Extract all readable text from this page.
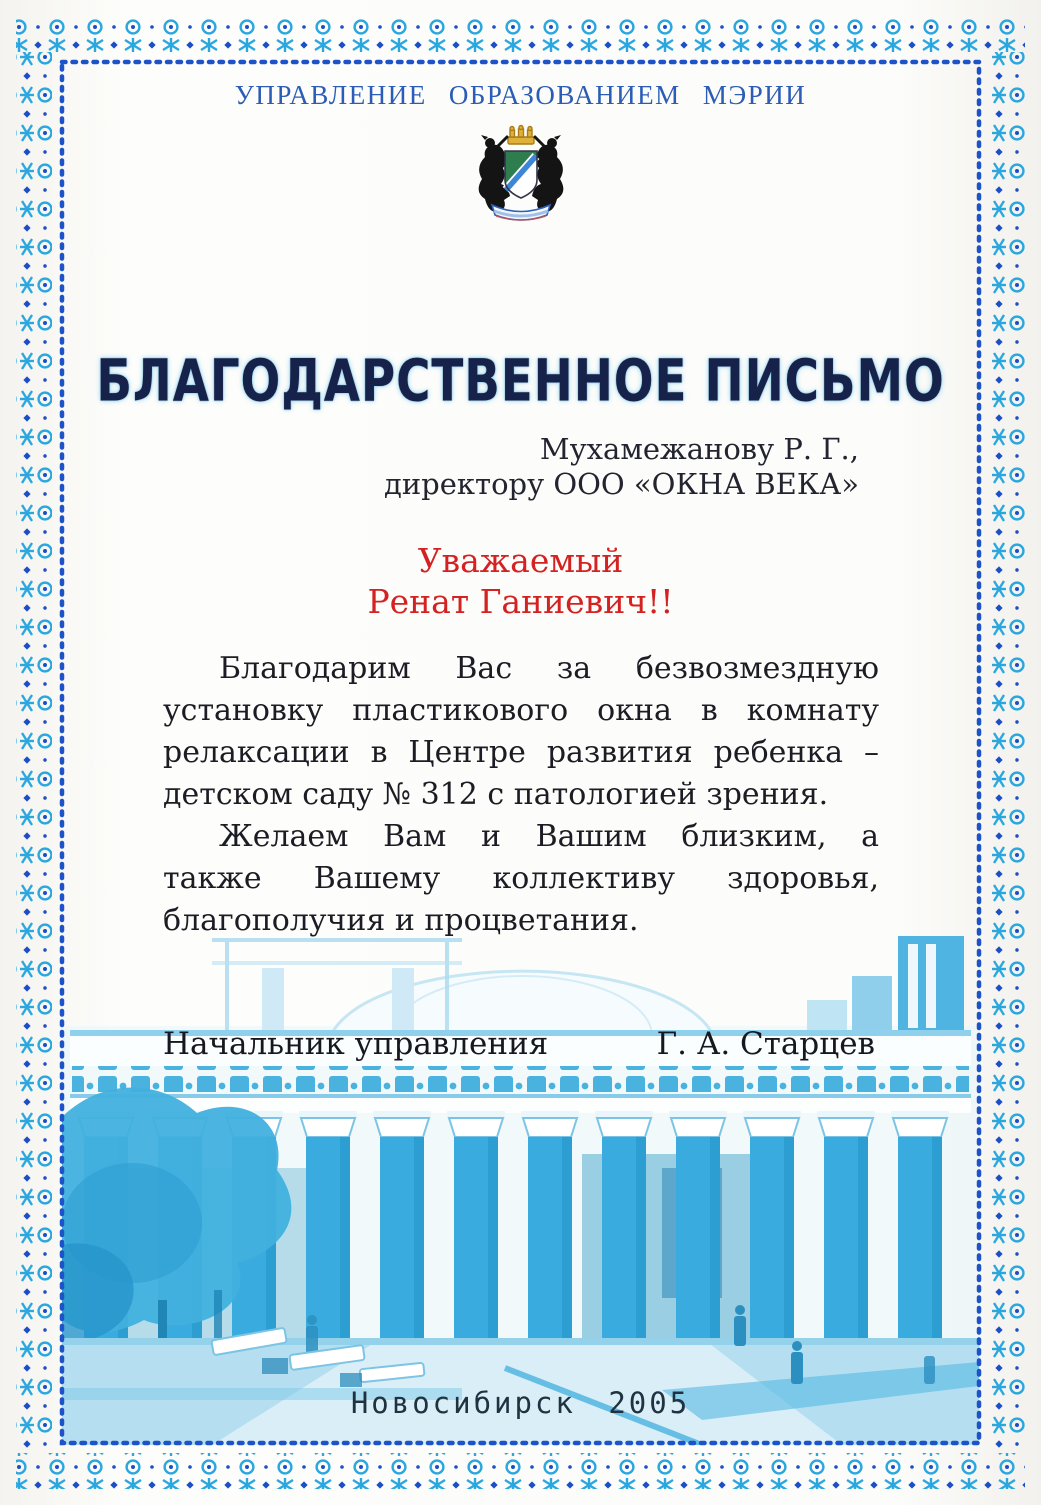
УПРАВЛЕНИЕ ОБРАЗОВАНИЕМ МЭРИИ
БЛАГОДАРСТВЕННОЕ ПИСЬМО
Мухамежанову Р. Г.,
директору ООО «ОКНА ВЕКА»
Уважаемый
Ренат Ганиевич!!
Благодарим Вас за безвозмездную
установку пластикового окна в комнату
релаксации в Центре развития ребенка –
детском саду № 312 с патологией зрения.
Желаем Вам и Вашим близким, а
также Вашему коллективу здоровья,
благополучия и процветания.
Начальник управления	Г. А. Старцев
Новосибирск 2005
